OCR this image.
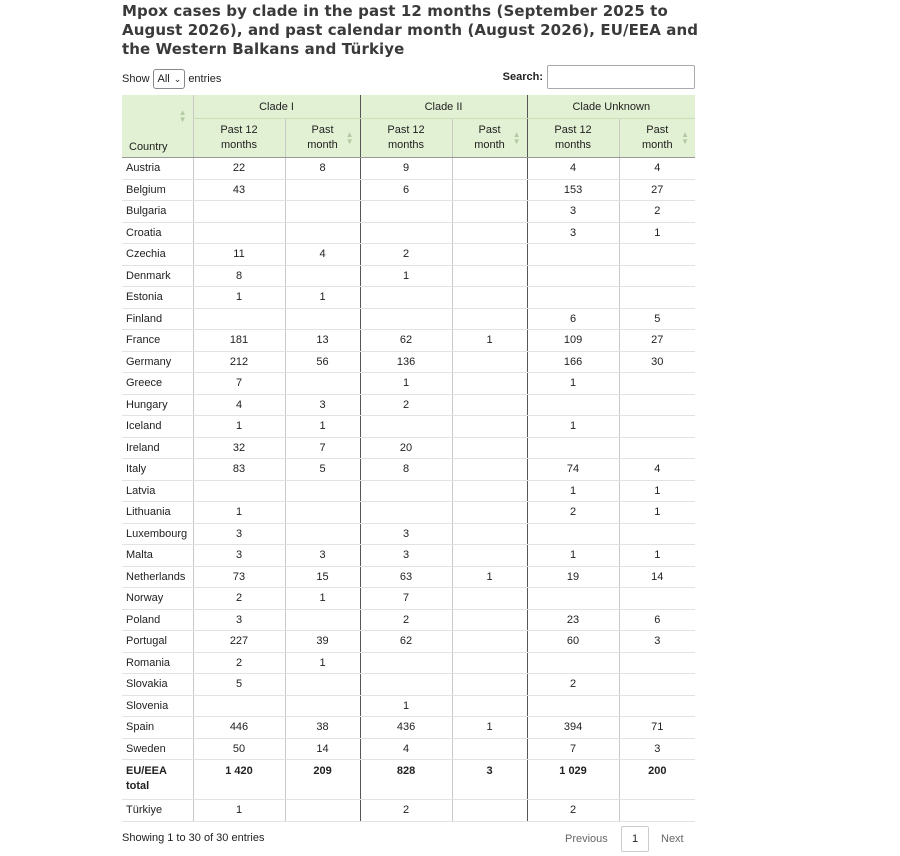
Mpox cases by clade in the past 12 months (September 2025 to August 2026), and past calendar month (August 2026), EU/EEA and the Western Balkans and Türkiye
Show All ⌄ entries	Search:
Country
▲
▼	Clade I		Clade II		Clade Unknown	
	Past 12 months	Past month
▲
▼	Past 12 months	Past month
▲
▼	Past 12 months	Past month
▲
▼

Austria	22	8	9		4	4
Belgium	43		6		153	27
Bulgaria					3	2
Croatia					3	1
Czechia	11	4	2			
Denmark	8		1			
Estonia	1	1				
Finland					6	5
France	181	13	62	1	109	27
Germany	212	56	136		166	30
Greece	7		1		1	
Hungary	4	3	2			
Iceland	1	1			1	
Ireland	32	7	20			
Italy	83	5	8		74	4
Latvia					1	1
Lithuania	1				2	1
Luxembourg	3		3			
Malta	3	3	3		1	1
Netherlands	73	15	63	1	19	14
Norway	2	1	7			
Poland	3		2		23	6
Portugal	227	39	62		60	3
Romania	2	1				
Slovakia	5				2	
Slovenia			1			
Spain	446	38	436	1	394	71
Sweden	50	14	4		7	3
EU/EEA total	1 420	209	828	3	1 029	200
Türkiye	1		2		2	
Showing 1 to 30 of 30 entries	Previous	1	Next
